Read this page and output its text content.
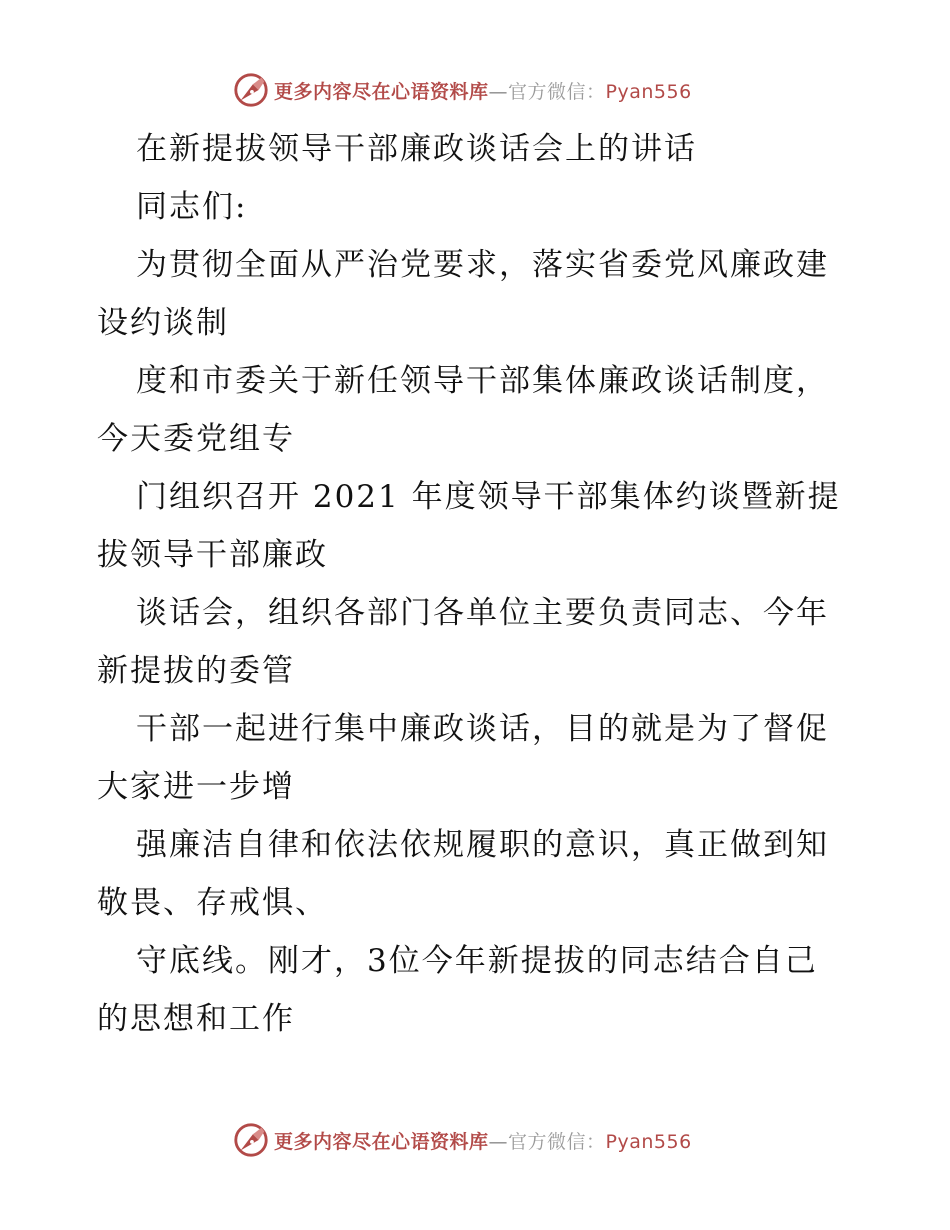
更多内容尽在心语资料库—官方微信：Pyan556
在新提拔领导干部廉政谈话会上的讲话
同志们:
为贯彻全面从严治党要求，落实省委党风廉政建
设约谈制
度和市委关于新任领导干部集体廉政谈话制度，
今天委党组专
门组织召开 2021 年度领导干部集体约谈暨新提
拔领导干部廉政
谈话会，组织各部门各单位主要负责同志、今年
新提拔的委管
干部一起进行集中廉政谈话，目的就是为了督促
大家进一步增
强廉洁自律和依法依规履职的意识，真正做到知
敬畏、存戒惧、
守底线。刚才，3位今年新提拔的同志结合自己
的思想和工作
更多内容尽在心语资料库—官方微信：Pyan556
